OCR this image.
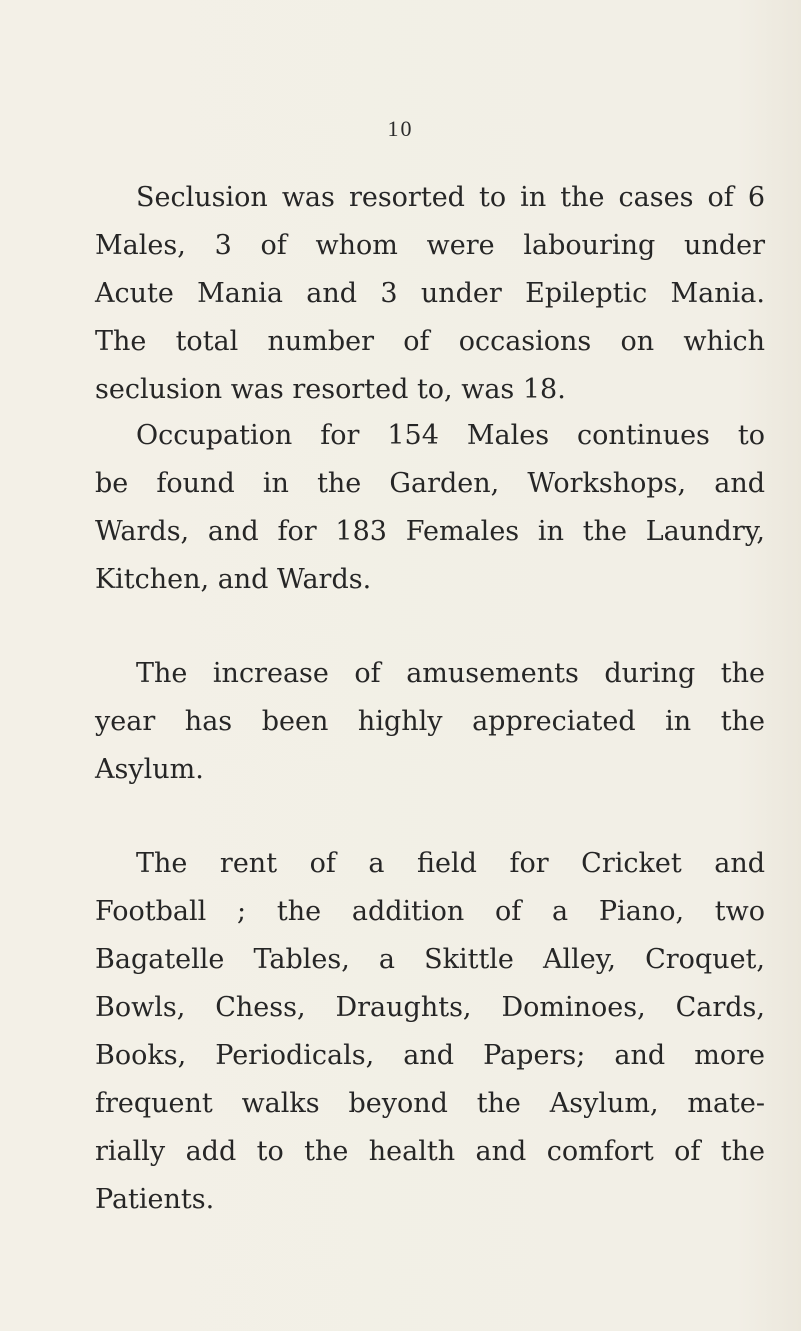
10

Seclusion was resorted to in the cases of 6
Males, 3 of whom were labouring under
Acute Mania and 3 under Epileptic Mania.
The total number of occasions on which
seclusion was resorted to, was 18.

Occupation for 154 Males continues to
be found in the Garden, Workshops, and
Wards, and for 183 Females in the Laundry,
Kitchen, and Wards.

The increase of amusements during the
year has been highly appreciated in the
Asylum.

The rent of a field for Cricket and
Football ; the addition of a Piano, two
Bagatelle Tables, a Skittle Alley, Croquet,
Bowls, Chess, Draughts, Dominoes, Cards,
Books, Periodicals, and Papers; and more
frequent walks beyond the Asylum, mate-
rially add to the health and comfort of the
Patients.
